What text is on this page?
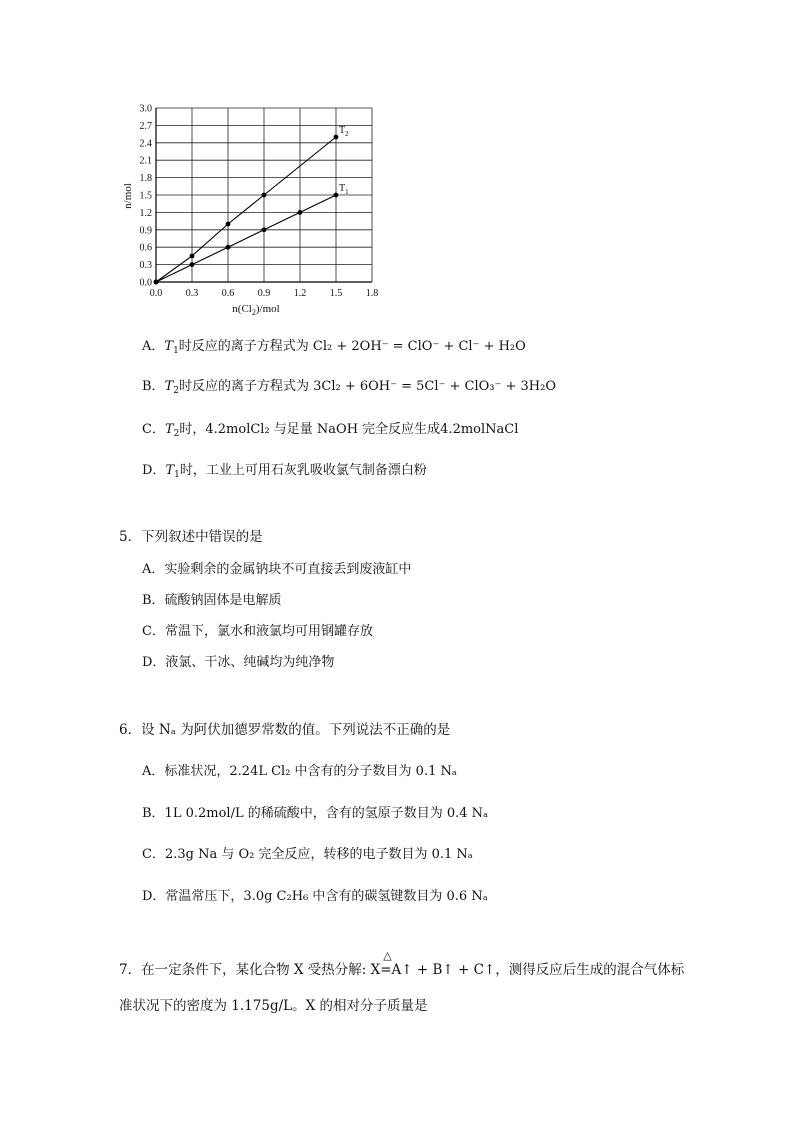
0.0 0.3 0.6 0.9 1.2 1.5 1.8
0.0
0.3
0.6
0.9
1.2
1.5
1.8
2.1
2.4
2.7
3.0
$T_2$
$T_1$
$n(Cl_2)$/mol
n/mol
A．$T_1$时反应的离子方程式为 Cl₂ + 2OH⁻ = ClO⁻ + Cl⁻ + H₂O
B．$T_2$时反应的离子方程式为 3Cl₂ + 6OH⁻ = 5Cl⁻ + ClO₃⁻ + 3H₂O
C．$T_2$时，4.2molCl₂ 与足量 NaOH 完全反应生成4.2molNaCl
D．$T_1$时，工业上可用石灰乳吸收氯气制备漂白粉
5．下列叙述中错误的是
A．实验剩余的金属钠块不可直接丢到废液缸中
B．硫酸钠固体是电解质
C．常温下，氯水和液氯均可用钢罐存放
D．液氯、干冰、纯碱均为纯净物
6．设 Nₐ 为阿伏加德罗常数的值。下列说法不正确的是
A．标准状况，2.24L Cl₂ 中含有的分子数目为 0.1 Nₐ
B．1L 0.2mol/L 的稀硫酸中，含有的氢原子数目为 0.4 Nₐ
C．2.3g Na 与 O₂ 完全反应，转移的电子数目为 0.1 Nₐ
D．常温常压下，3.0g C₂H₆ 中含有的碳氢键数目为 0.6 Nₐ
7．在一定条件下，某化合物 X 受热分解: X
△
=A↑ + B↑ + C↑，测得反应后生成的混合气体标
准状况下的密度为 1.175g/L。X 的相对分子质量是
